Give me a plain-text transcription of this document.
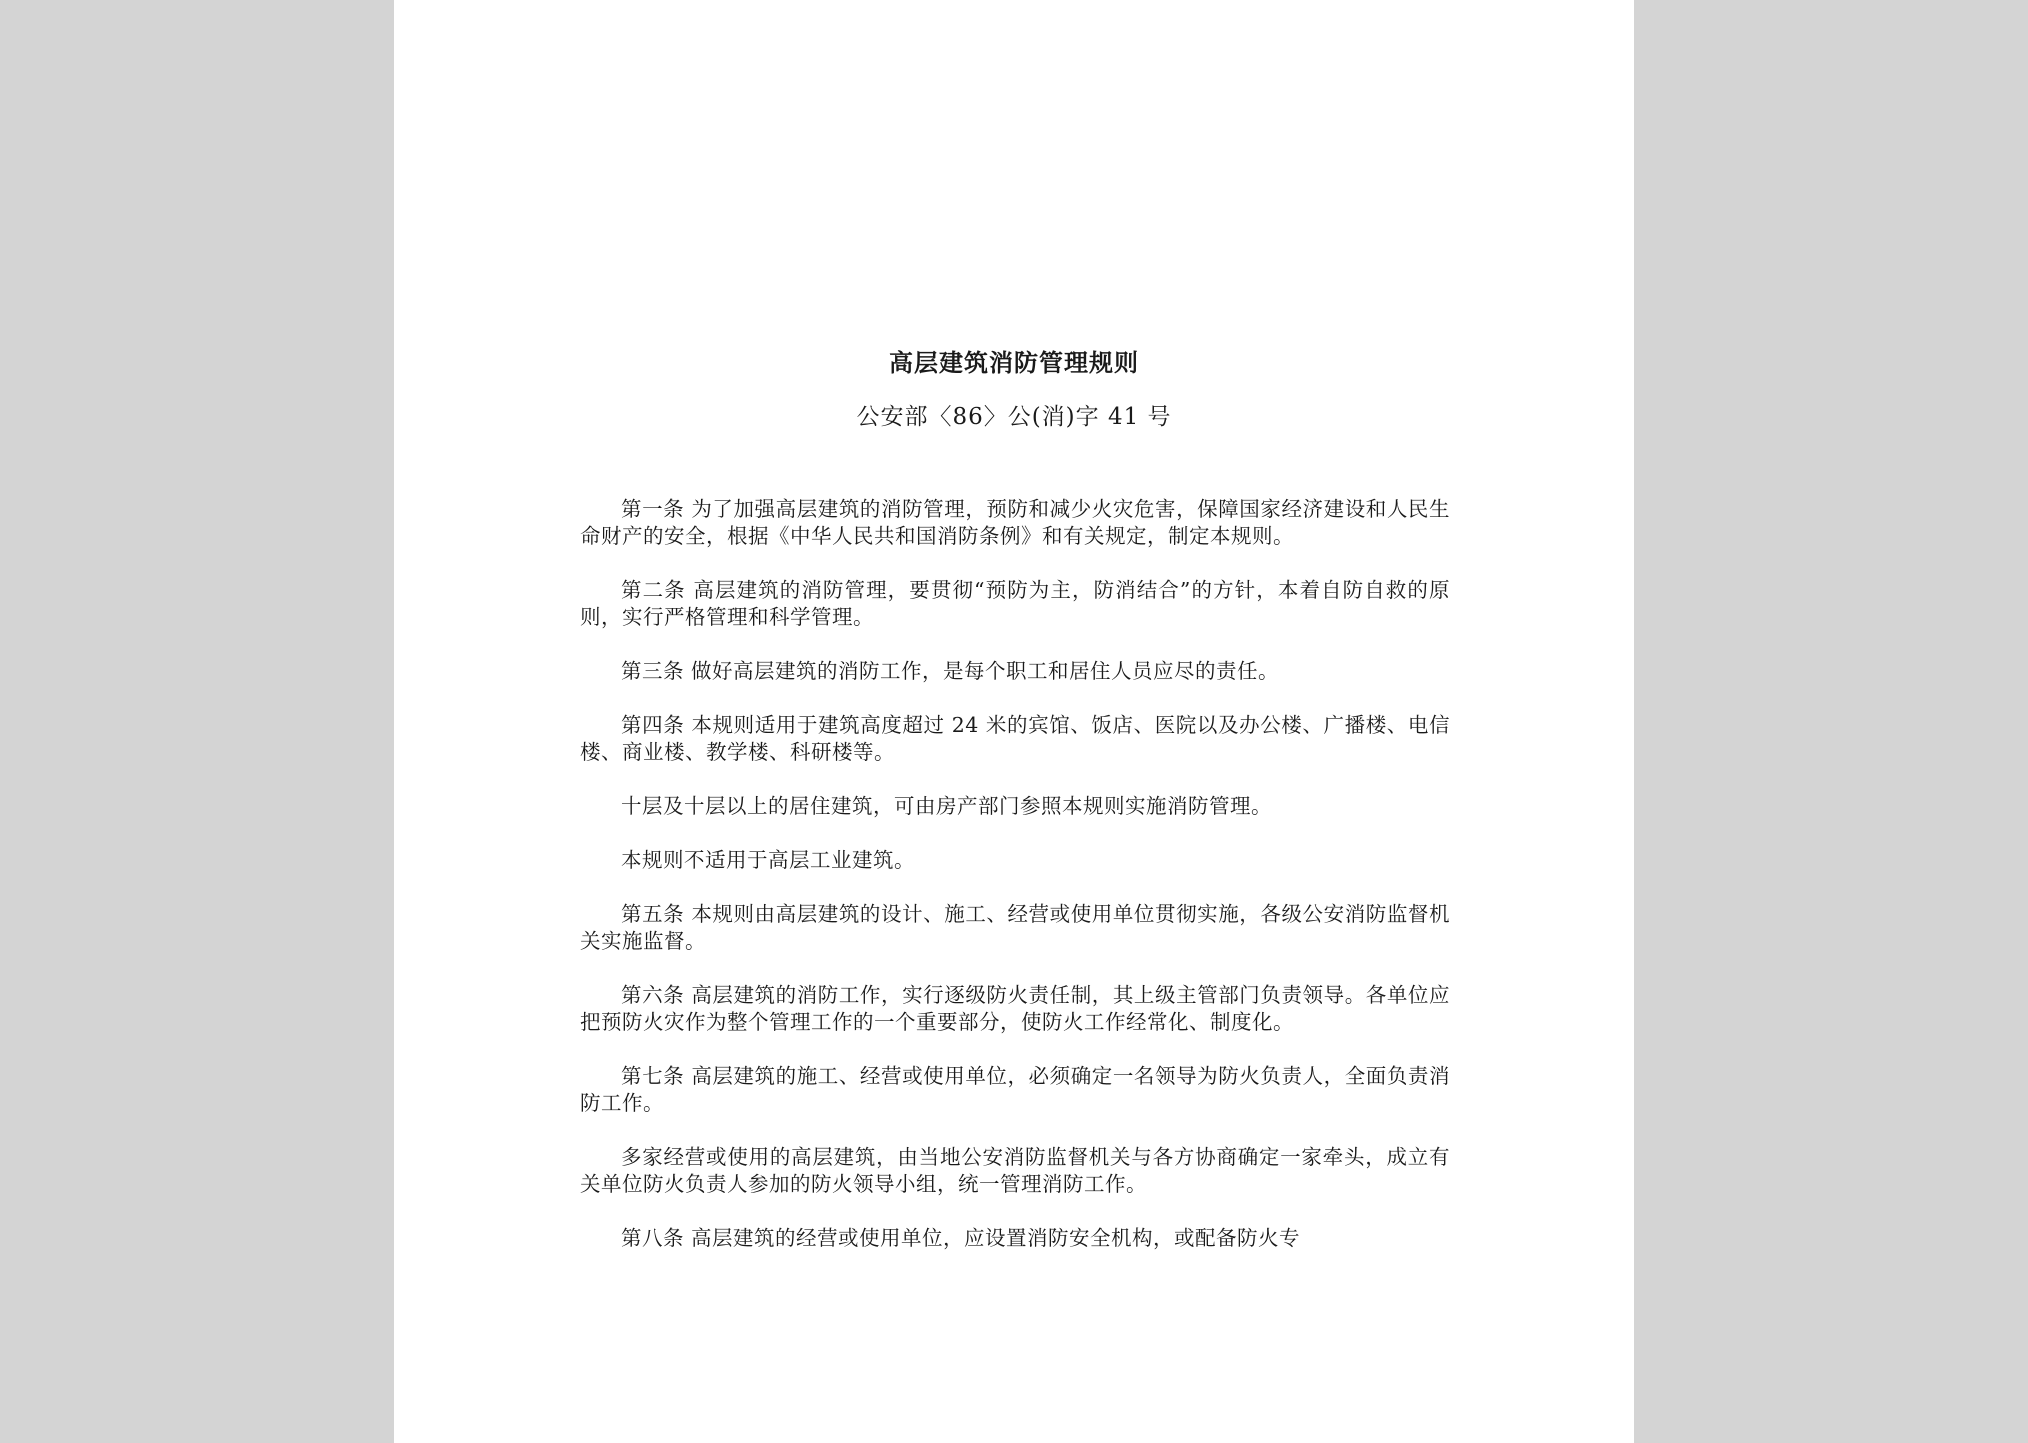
高层建筑消防管理规则
公安部〈86〉公(消)字 41 号

第一条 为了加强高层建筑的消防管理，预防和减少火灾危害，保障国家经济建设和人民生命财产的安全，根据《中华人民共和国消防条例》和有关规定，制定本规则。

第二条 高层建筑的消防管理，要贯彻“预防为主，防消结合”的方针，本着自防自救的原则，实行严格管理和科学管理。

第三条 做好高层建筑的消防工作，是每个职工和居住人员应尽的责任。

第四条 本规则适用于建筑高度超过 24 米的宾馆、饭店、医院以及办公楼、广播楼、电信楼、商业楼、教学楼、科研楼等。

十层及十层以上的居住建筑，可由房产部门参照本规则实施消防管理。

本规则不适用于高层工业建筑。

第五条 本规则由高层建筑的设计、施工、经营或使用单位贯彻实施，各级公安消防监督机关实施监督。

第六条 高层建筑的消防工作，实行逐级防火责任制，其上级主管部门负责领导。各单位应把预防火灾作为整个管理工作的一个重要部分，使防火工作经常化、制度化。

第七条 高层建筑的施工、经营或使用单位，必须确定一名领导为防火负责人，全面负责消防工作。

多家经营或使用的高层建筑，由当地公安消防监督机关与各方协商确定一家牵头，成立有关单位防火负责人参加的防火领导小组，统一管理消防工作。

第八条 高层建筑的经营或使用单位，应设置消防安全机构，或配备防火专
